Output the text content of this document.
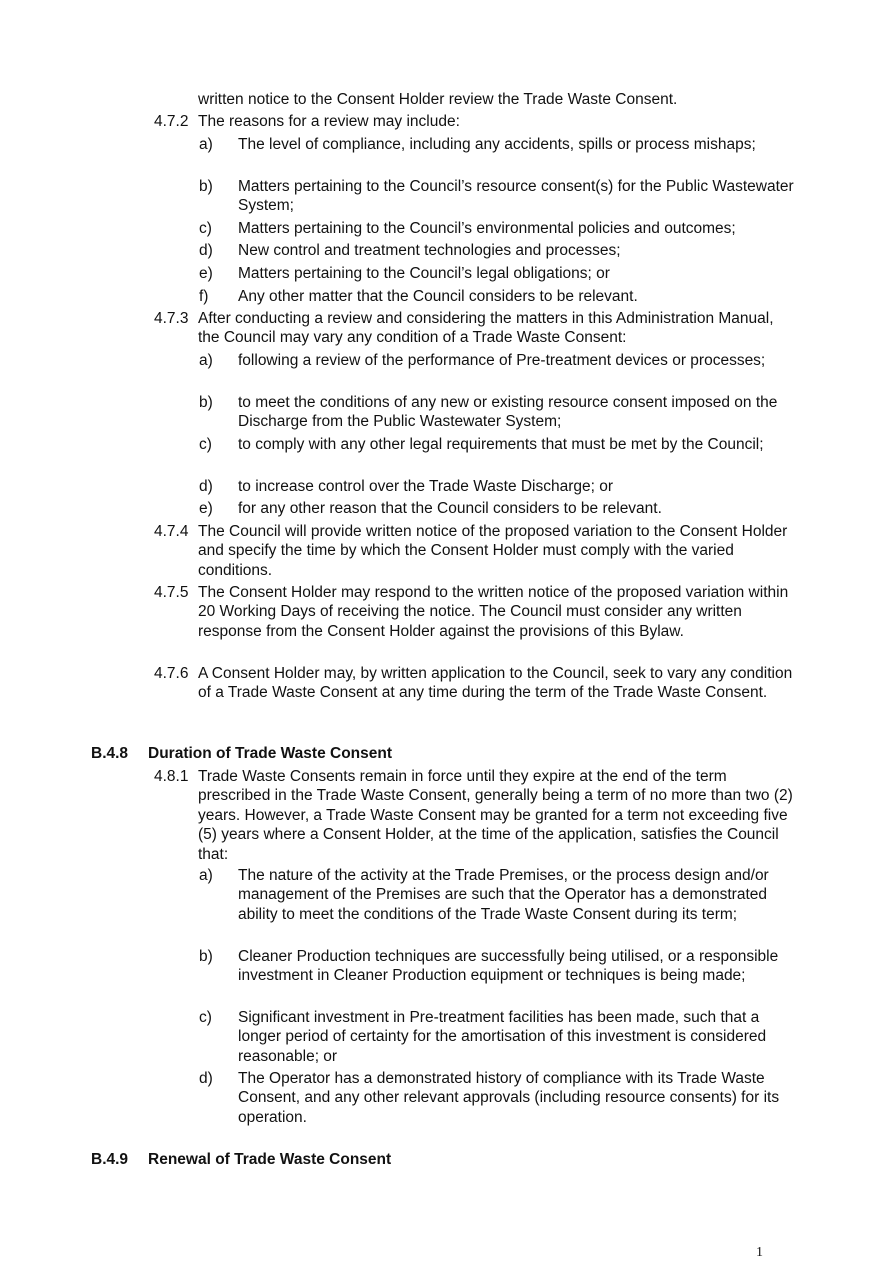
written notice to the Consent Holder review the Trade Waste Consent.
4.7.2 The reasons for a review may include:
a)	The level of compliance, including any accidents, spills or process mishaps;
b)	Matters pertaining to the Council’s resource consent(s) for the Public Wastewater System;
c)	Matters pertaining to the Council’s environmental policies and outcomes;
d)	New control and treatment technologies and processes;
e)	Matters pertaining to the Council’s legal obligations; or
f)	Any other matter that the Council considers to be relevant.
4.7.3 After conducting a review and considering the matters in this Administration Manual, the Council may vary any condition of a Trade Waste Consent:
a)	following a review of the performance of Pre-treatment devices or processes;
b)	to meet the conditions of any new or existing resource consent imposed on the Discharge from the Public Wastewater System;
c)	to comply with any other legal requirements that must be met by the Council;
d)	to increase control over the Trade Waste Discharge; or
e)	for any other reason that the Council considers to be relevant.
4.7.4 The Council will provide written notice of the proposed variation to the Consent Holder and specify the time by which the Consent Holder must comply with the varied conditions.
4.7.5 The Consent Holder may respond to the written notice of the proposed variation within 20 Working Days of receiving the notice. The Council must consider any written response from the Consent Holder against the provisions of this Bylaw.
4.7.6 A Consent Holder may, by written application to the Council, seek to vary any condition of a Trade Waste Consent at any time during the term of the Trade Waste Consent.
B.4.8 Duration of Trade Waste Consent
4.8.1 Trade Waste Consents remain in force until they expire at the end of the term prescribed in the Trade Waste Consent, generally being a term of no more than two (2) years. However, a Trade Waste Consent may be granted for a term not exceeding five (5) years where a Consent Holder, at the time of the application, satisfies the Council that:
a)	The nature of the activity at the Trade Premises, or the process design and/or management of the Premises are such that the Operator has a demonstrated ability to meet the conditions of the Trade Waste Consent during its term;
b)	Cleaner Production techniques are successfully being utilised, or a responsible investment in Cleaner Production equipment or techniques is being made;
c)	Significant investment in Pre-treatment facilities has been made, such that a longer period of certainty for the amortisation of this investment is considered reasonable; or
d)	The Operator has a demonstrated history of compliance with its Trade Waste Consent, and any other relevant approvals (including resource consents) for its operation.
B.4.9 Renewal of Trade Waste Consent
1
